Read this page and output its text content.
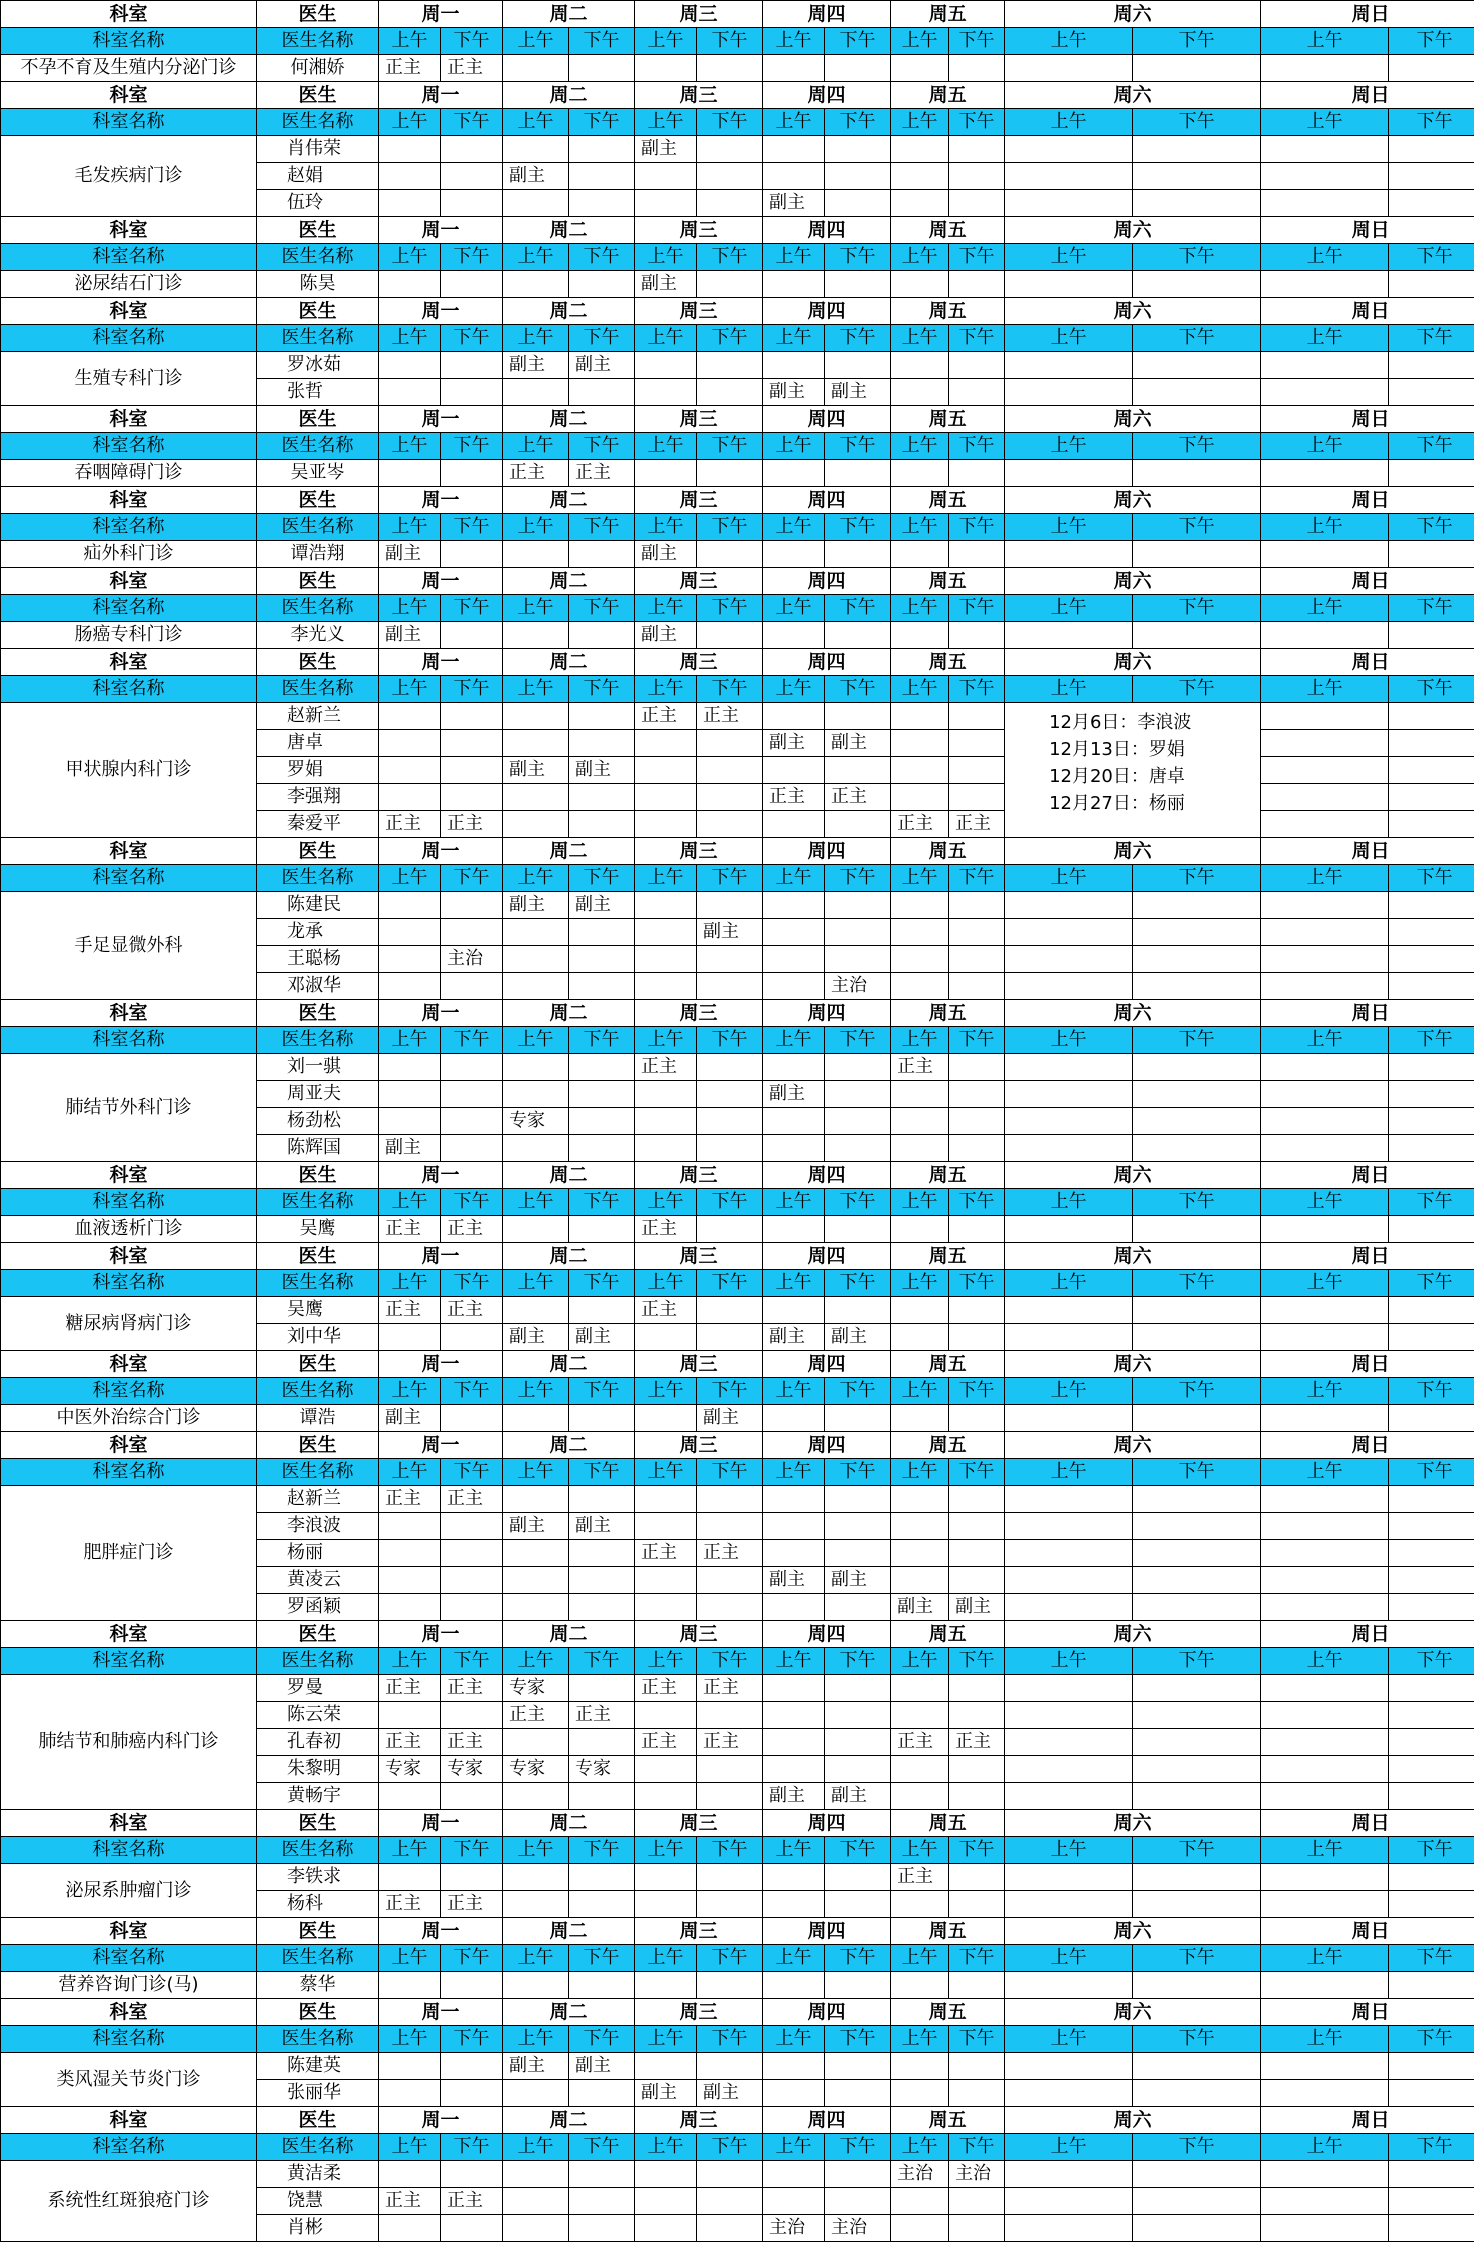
科室	医生	周一		周二		周三		周四		周五		周六		周日	
科室名称	医生名称	上午	下午	上午	下午	上午	下午	上午	下午	上午	下午	上午	下午	上午	下午
不孕不育及生殖内分泌门诊	何湘娇	正主	正主												
科室	医生	周一		周二		周三		周四		周五		周六		周日	
科室名称	医生名称	上午	下午	上午	下午	上午	下午	上午	下午	上午	下午	上午	下午	上午	下午
毛发疾病门诊	肖伟荣					副主									
	赵娟			副主											
	伍玲							副主							
科室	医生	周一		周二		周三		周四		周五		周六		周日	
科室名称	医生名称	上午	下午	上午	下午	上午	下午	上午	下午	上午	下午	上午	下午	上午	下午
泌尿结石门诊	陈昊					副主									
科室	医生	周一		周二		周三		周四		周五		周六		周日	
科室名称	医生名称	上午	下午	上午	下午	上午	下午	上午	下午	上午	下午	上午	下午	上午	下午
生殖专科门诊	罗冰茹			副主	副主										
	张哲							副主	副主						
科室	医生	周一		周二		周三		周四		周五		周六		周日	
科室名称	医生名称	上午	下午	上午	下午	上午	下午	上午	下午	上午	下午	上午	下午	上午	下午
吞咽障碍门诊	吴亚岑			正主	正主										
科室	医生	周一		周二		周三		周四		周五		周六		周日	
科室名称	医生名称	上午	下午	上午	下午	上午	下午	上午	下午	上午	下午	上午	下午	上午	下午
疝外科门诊	谭浩翔	副主				副主									
科室	医生	周一		周二		周三		周四		周五		周六		周日	
科室名称	医生名称	上午	下午	上午	下午	上午	下午	上午	下午	上午	下午	上午	下午	上午	下午
肠癌专科门诊	李光义	副主				副主									
科室	医生	周一		周二		周三		周四		周五		周六		周日	
科室名称	医生名称	上午	下午	上午	下午	上午	下午	上午	下午	上午	下午	上午	下午	上午	下午
甲状腺内科门诊	赵新兰					正主	正主					12月6日：李浪波
12月13日：罗娟
12月20日：唐卓
12月27日：杨丽			

	唐卓							副主	副主						
	罗娟			副主	副主										
	李强翔							正主	正主						
	秦爱平	正主	正主							正主	正主				
科室	医生	周一		周二		周三		周四		周五		周六		周日	
科室名称	医生名称	上午	下午	上午	下午	上午	下午	上午	下午	上午	下午	上午	下午	上午	下午
手足显微外科	陈建民			副主	副主										
	龙承						副主								
	王聪杨		主治												
	邓淑华								主治						
科室	医生	周一		周二		周三		周四		周五		周六		周日	
科室名称	医生名称	上午	下午	上午	下午	上午	下午	上午	下午	上午	下午	上午	下午	上午	下午
肺结节外科门诊	刘一骐					正主				正主					
	周亚夫							副主							
	杨劲松			专家											
	陈辉国	副主													
科室	医生	周一		周二		周三		周四		周五		周六		周日	
科室名称	医生名称	上午	下午	上午	下午	上午	下午	上午	下午	上午	下午	上午	下午	上午	下午
血液透析门诊	吴鹰	正主	正主			正主									
科室	医生	周一		周二		周三		周四		周五		周六		周日	
科室名称	医生名称	上午	下午	上午	下午	上午	下午	上午	下午	上午	下午	上午	下午	上午	下午
糖尿病肾病门诊	吴鹰	正主	正主			正主									
	刘中华			副主	副主			副主	副主						
科室	医生	周一		周二		周三		周四		周五		周六		周日	
科室名称	医生名称	上午	下午	上午	下午	上午	下午	上午	下午	上午	下午	上午	下午	上午	下午
中医外治综合门诊	谭浩	副主					副主								
科室	医生	周一		周二		周三		周四		周五		周六		周日	
科室名称	医生名称	上午	下午	上午	下午	上午	下午	上午	下午	上午	下午	上午	下午	上午	下午
肥胖症门诊	赵新兰	正主	正主												
	李浪波			副主	副主										
	杨丽					正主	正主								
	黄凌云							副主	副主						
	罗函颖									副主	副主				
科室	医生	周一		周二		周三		周四		周五		周六		周日	
科室名称	医生名称	上午	下午	上午	下午	上午	下午	上午	下午	上午	下午	上午	下午	上午	下午
肺结节和肺癌内科门诊	罗曼	正主	正主	专家		正主	正主								
	陈云荣			正主	正主										
	孔春初	正主	正主			正主	正主			正主	正主				
	朱黎明	专家	专家	专家	专家										
	黄畅宇							副主	副主						
科室	医生	周一		周二		周三		周四		周五		周六		周日	
科室名称	医生名称	上午	下午	上午	下午	上午	下午	上午	下午	上午	下午	上午	下午	上午	下午
泌尿系肿瘤门诊	李铁求									正主					
	杨科	正主	正主												
科室	医生	周一		周二		周三		周四		周五		周六		周日	
科室名称	医生名称	上午	下午	上午	下午	上午	下午	上午	下午	上午	下午	上午	下午	上午	下午
营养咨询门诊(马)	蔡华														
科室	医生	周一		周二		周三		周四		周五		周六		周日	
科室名称	医生名称	上午	下午	上午	下午	上午	下午	上午	下午	上午	下午	上午	下午	上午	下午
类风湿关节炎门诊	陈建英			副主	副主										
	张丽华					副主	副主								
科室	医生	周一		周二		周三		周四		周五		周六		周日	
科室名称	医生名称	上午	下午	上午	下午	上午	下午	上午	下午	上午	下午	上午	下午	上午	下午
系统性红斑狼疮门诊	黄洁柔									主治	主治				
	饶慧	正主	正主												
	肖彬							主治	主治						
